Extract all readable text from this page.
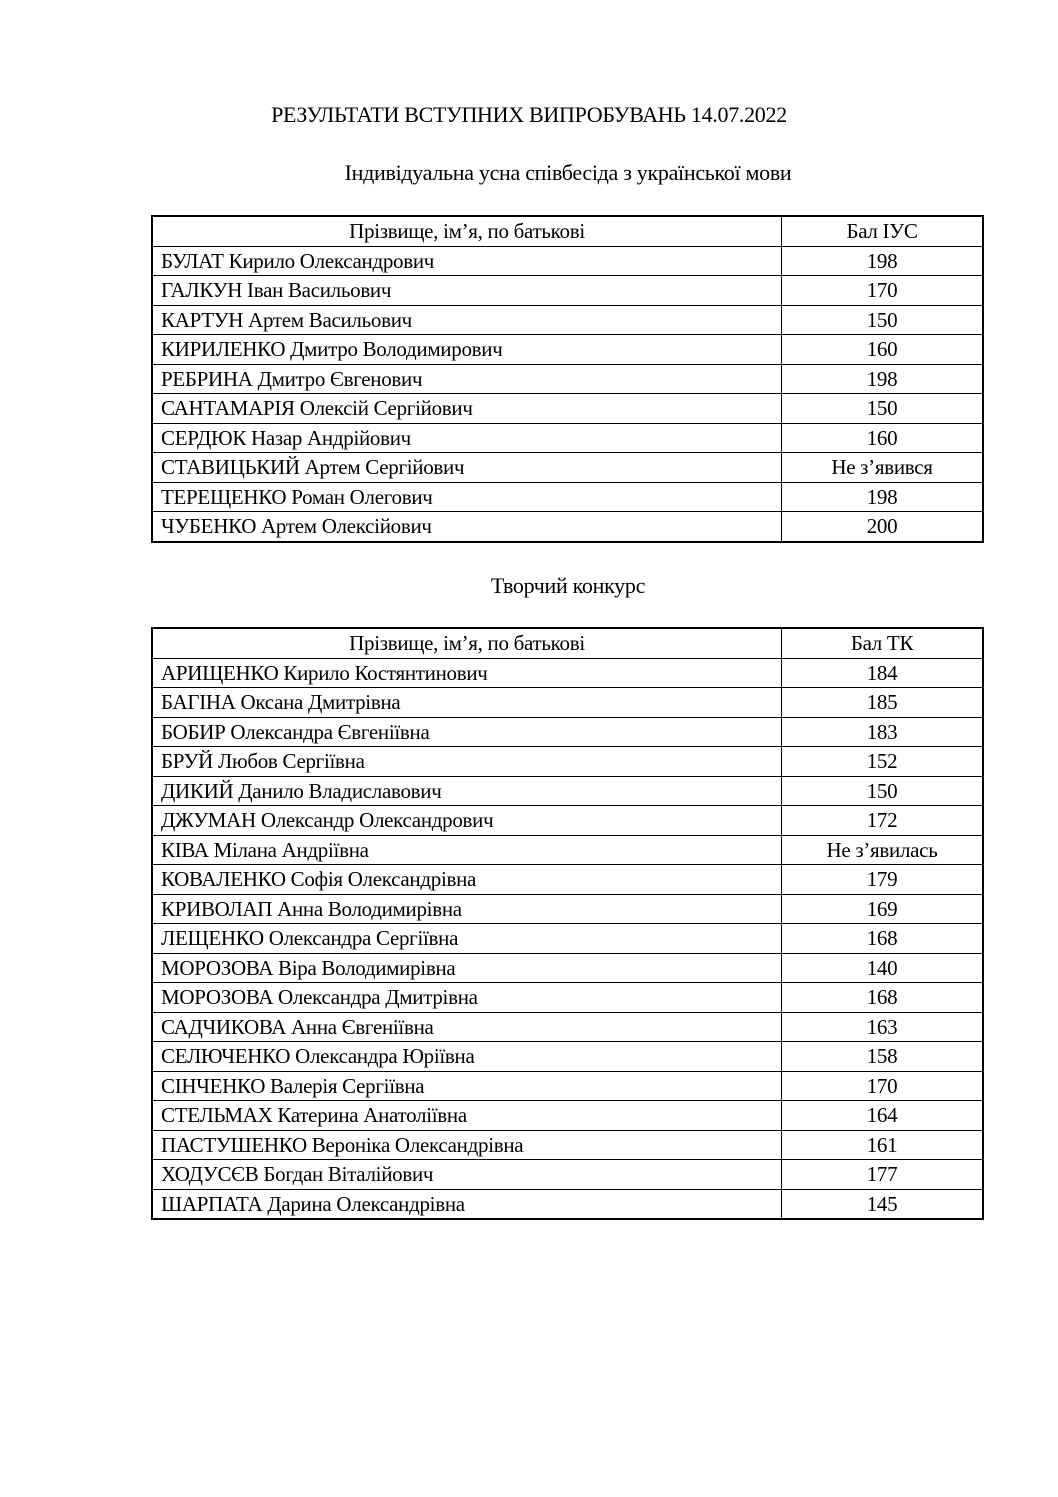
РЕЗУЛЬТАТИ ВСТУПНИХ ВИПРОБУВАНЬ 14.07.2022
Індивідуальна усна співбесіда з української мови
Прізвище, ім’я, по батькові	Бал ІУС
БУЛАТ Кирило Олександрович	198
ГАЛКУН Іван Васильович	170
КАРТУН Артем Васильович	150
КИРИЛЕНКО Дмитро Володимирович	160
РЕБРИНА Дмитро Євгенович	198
САНТАМАРІЯ Олексій Сергійович	150
СЕРДЮК Назар Андрійович	160
СТАВИЦЬКИЙ Артем Сергійович	Не з’явився
ТЕРЕЩЕНКО Роман Олегович	198
ЧУБЕНКО Артем Олексійович	200
Творчий конкурс
Прізвище, ім’я, по батькові	Бал ТК
АРИЩЕНКО Кирило Костянтинович	184
БАГІНА Оксана Дмитрівна	185
БОБИР Олександра Євгеніївна	183
БРУЙ Любов Сергіївна	152
ДИКИЙ Данило Владиславович	150
ДЖУМАН Олександр Олександрович	172
КІВА Мілана Андріївна	Не з’явилась
КОВАЛЕНКО Софія Олександрівна	179
КРИВОЛАП Анна Володимирівна	169
ЛЕЩЕНКО Олександра Сергіївна	168
МОРОЗОВА Віра Володимирівна	140
МОРОЗОВА Олександра Дмитрівна	168
САДЧИКОВА Анна Євгеніївна	163
СЕЛЮЧЕНКО Олександра Юріївна	158
СІНЧЕНКО Валерія Сергіївна	170
СТЕЛЬМАХ Катерина Анатоліївна	164
ПАСТУШЕНКО Вероніка Олександрівна	161
ХОДУСЄВ Богдан Віталійович	177
ШАРПАТА Дарина Олександрівна	145
